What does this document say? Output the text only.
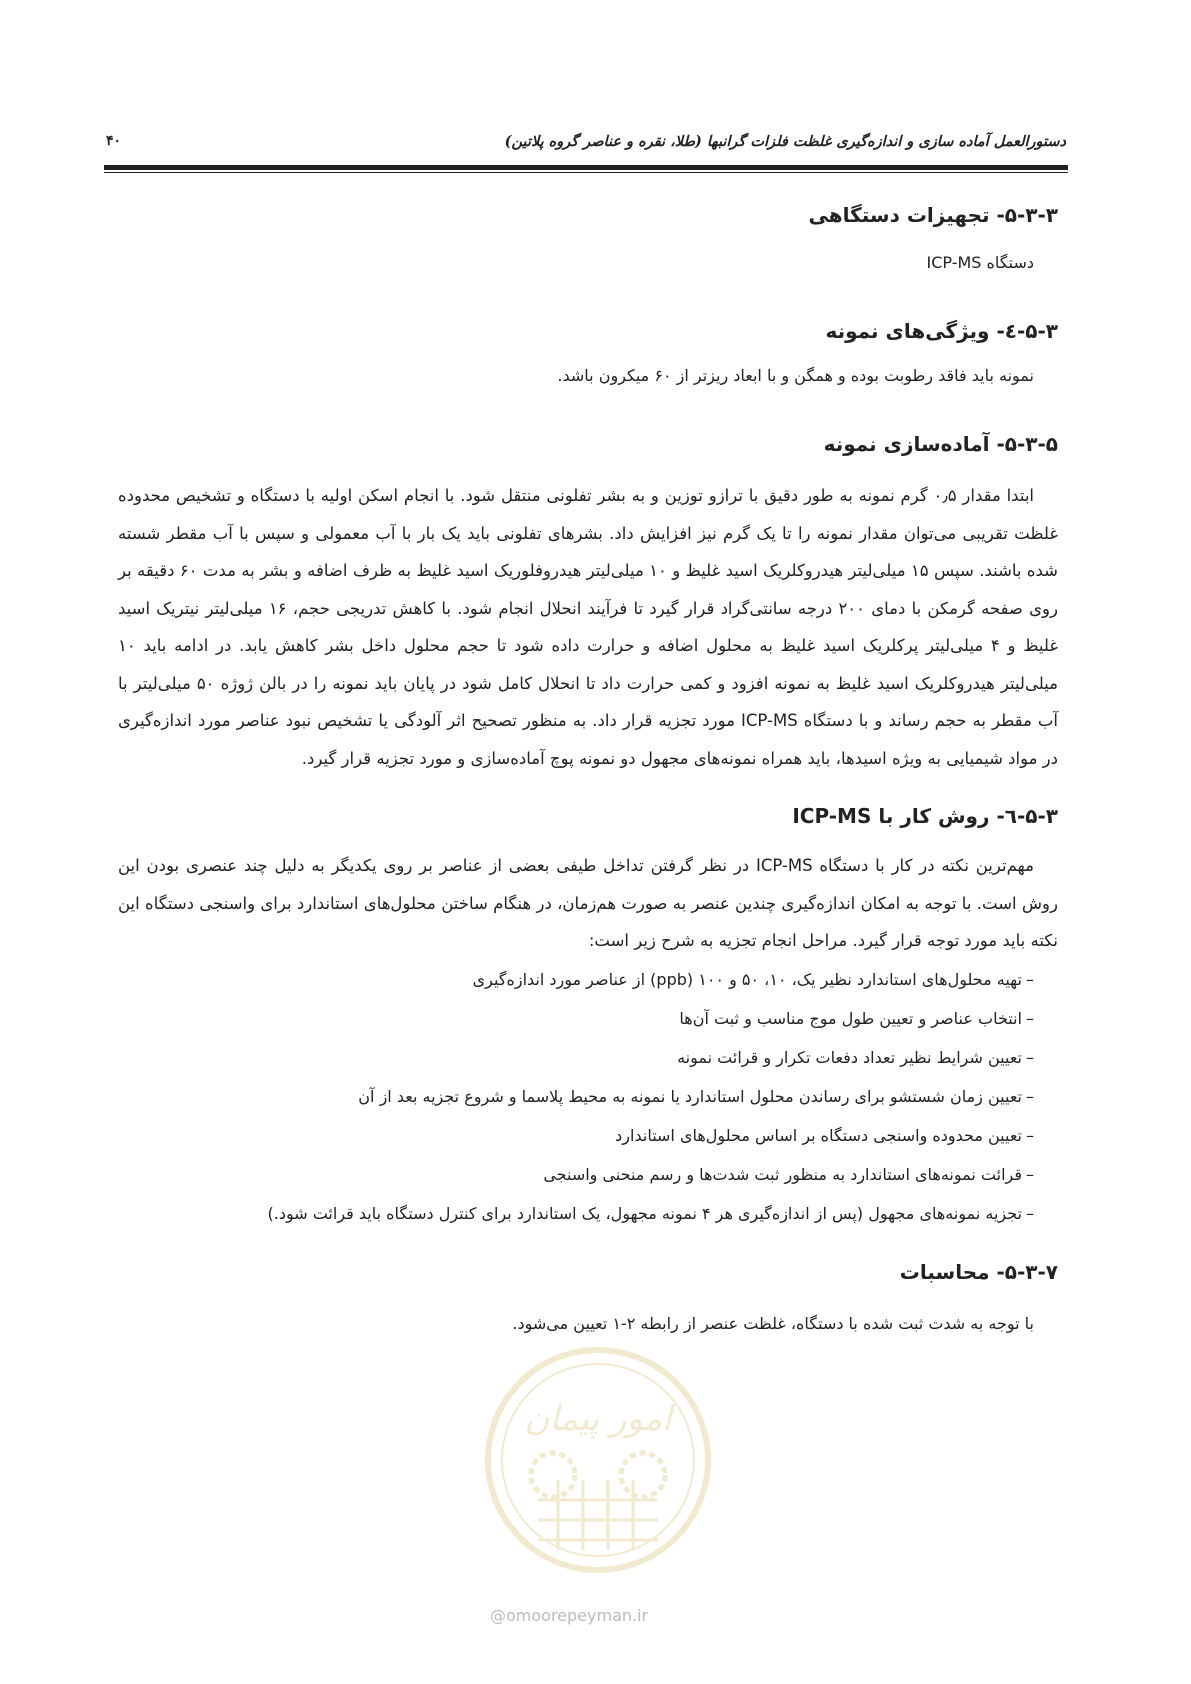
۴۰	دستورالعمل آماده سازی و اندازه‌گیری غلظت فلزات گرانبها (طلا، نقره و عناصر گروه پلاتین)
۵-۳-۳- تجهیزات دستگاهی

دستگاه ICP-MS

۵-۳-٤- ویژگی‌های نمونه

نمونه باید فاقد رطوبت بوده و همگن و با ابعاد ریزتر از ۶۰ میکرون باشد.

۵-۳-۵- آماده‌سازی نمونه

ابتدا مقدار ۰٫۵ گرم نمونه به طور دقیق با ترازو توزین و به بشر تفلونی منتقل شود. با انجام اسکن اولیه با دستگاه و تشخیص محدوده غلظت تقریبی می‌توان مقدار نمونه را تا یک گرم نیز افزایش داد. بشرهای تفلونی باید یک بار با آب معمولی و سپس با آب مقطر شسته شده باشند. سپس ۱۵ میلی‌لیتر هیدروکلریک اسید غلیظ و ۱۰ میلی‌لیتر هیدروفلوریک اسید غلیظ به ظرف اضافه و بشر به مدت ۶۰ دقیقه بر روی صفحه گرمکن با دمای ۲۰۰ درجه سانتی‌گراد قرار گیرد تا فرآیند انحلال انجام شود. با کاهش تدریجی حجم، ۱۶ میلی‌لیتر نیتریک اسید غلیظ و ۴ میلی‌لیتر پرکلریک اسید غلیظ به محلول اضافه و حرارت داده شود تا حجم محلول داخل بشر کاهش یابد. در ادامه باید ۱۰ میلی‌لیتر هیدروکلریک اسید غلیظ به نمونه افزود و کمی حرارت داد تا انحلال کامل شود در پایان باید نمونه را در بالن ژوژه ۵۰ میلی‌لیتر با آب مقطر به حجم رساند و با دستگاه ICP-MS مورد تجزیه قرار داد. به منظور تصحیح اثر آلودگی یا تشخیص نبود عناصر مورد اندازه‌گیری در مواد شیمیایی به ویژه اسیدها، باید همراه نمونه‌های مجهول دو نمونه پوچ آماده‌سازی و مورد تجزیه قرار گیرد.

۵-۳-٦- روش کار با ICP-MS

مهم‌ترین نکته در کار با دستگاه ICP-MS در نظر گرفتن تداخل طیفی بعضی از عناصر بر روی یکدیگر به دلیل چند عنصری بودن این روش است. با توجه به امکان اندازه‌گیری چندین عنصر به صورت هم‌زمان، در هنگام ساختن محلول‌های استاندارد برای واسنجی دستگاه این نکته باید مورد توجه قرار گیرد. مراحل انجام تجزیه به شرح زیر است:

–تهیه محلول‌های استاندارد نظیر یک، ۱۰، ۵۰ و ۱۰۰ (ppb) از عناصر مورد اندازه‌گیری
–انتخاب عناصر و تعیین طول موج مناسب و ثبت آن‌ها
–تعیین شرایط نظیر تعداد دفعات تکرار و قرائت نمونه
–تعیین زمان شستشو برای رساندن محلول استاندارد یا نمونه به محیط پلاسما و شروع تجزیه بعد از آن
–تعیین محدوده واسنجی دستگاه بر اساس محلول‌های استاندارد
–قرائت نمونه‌های استاندارد به منظور ثبت شدت‌ها و رسم منحنی واسنجی
–تجزیه نمونه‌های مجهول (پس از اندازه‌گیری هر ۴ نمونه مجهول، یک استاندارد برای کنترل دستگاه باید قرائت شود.)
۵-۳-۷- محاسبات

با توجه به شدت ثبت شده با دستگاه، غلظت عنصر از رابطه ۲-۱ تعیین می‌شود.

امور پیمان
@omoorepeyman.ir
